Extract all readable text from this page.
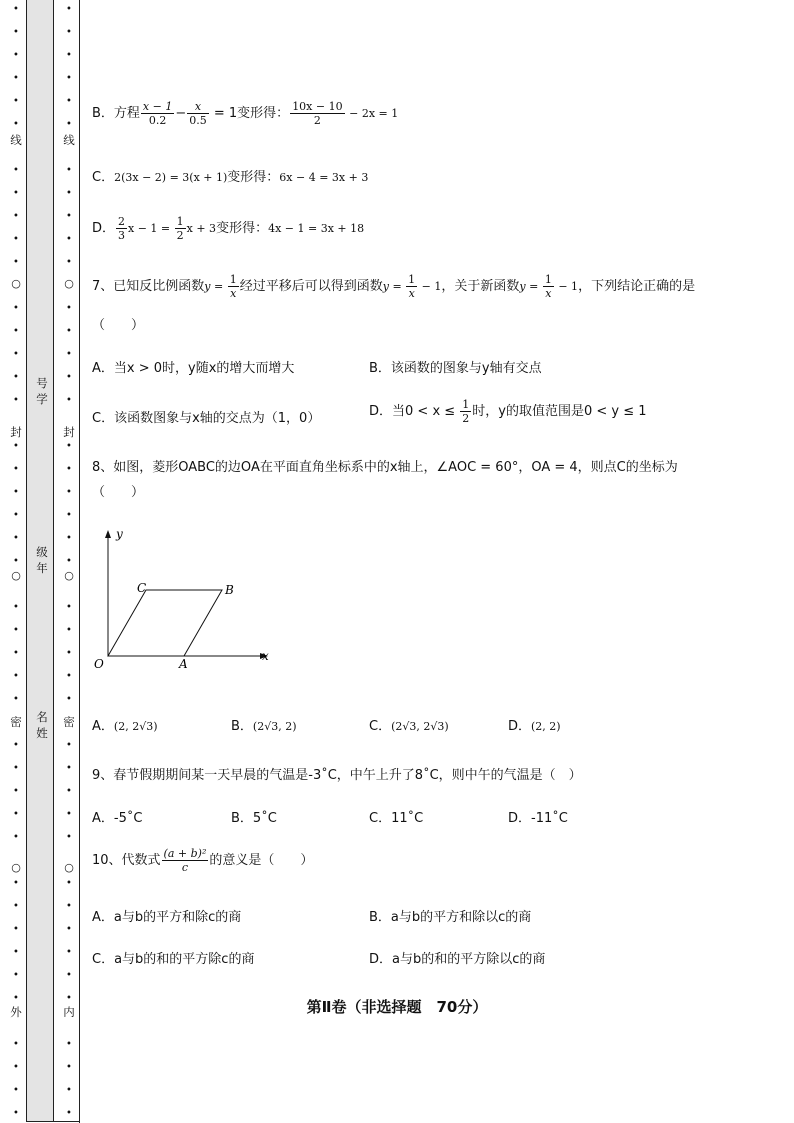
•
•
•
•
•
•
•
•
•
•
•
•
•
•
•
•
•
•
•
•
•
•
•
•
•
•
•
•
•
•
•
•
•
•
•
•
•
•
•
•
•
•
○
○
○
线
封
密
外
•
•
•
•
•
•
•
•
•
•
•
•
•
•
•
•
•
•
•
•
•
•
•
•
•
•
•
•
•
•
•
•
•
•
•
•
•
•
•
•
•
•
○
○
○
线
封
密
内
号
学
级
年
名
姓
B．方程 $\frac{x - 1}{0.2} - \frac{x}{0.5} = 1$变形得： $\frac{10x - 10}{2} - 2x = 1$
C．2(3x − 2) = 3(x + 1)变形得：6x − 4 = 3x + 3
D． $\frac{2}{3}$ $x - 1 = \frac{1}{2}$ x + 3变形得：4x − 1 = 3x + 18
7、已知反比例函数$y = \frac{1}{x}$ 经过平移后可以得到函数$y = \frac{1}{x} - 1$，关于新函数$y = \frac{1}{x} - 1$，下列结论正确的是
（　　）
A．当x > 0时，y随x的增大而增大	B．该函数的图象与y轴有交点
C．该函数图象与x轴的交点为（1，0）	D．当$0 < x \le \frac{1}{2}$ 时，y的取值范围是0 < y ≤ 1
8、如图，菱形OABC的边OA在平面直角坐标系中的x轴上，∠AOC = 60°，OA = 4，则点C的坐标为
（　　）
y
x
O	A
B
C
A．(2, 2√3)	B．(2√3, 2)	C．(2√3, 2√3)	D．(2, 2)
9、春节假期期间某一天早晨的气温是-3˚C，中午上升了8˚C，则中午的气温是（　）
A．-5˚C	B．5˚C	C．11˚C	D．-11˚C
10、代数式 $\frac{\text{(a + b)²}}{c}$ 的意义是（　　）
A．a与b的平方和除c的商	B．a与b的平方和除以c的商
C．a与b的和的平方除c的商	D．a与b的和的平方除以c的商
第Ⅱ卷（非选择题　70分）
